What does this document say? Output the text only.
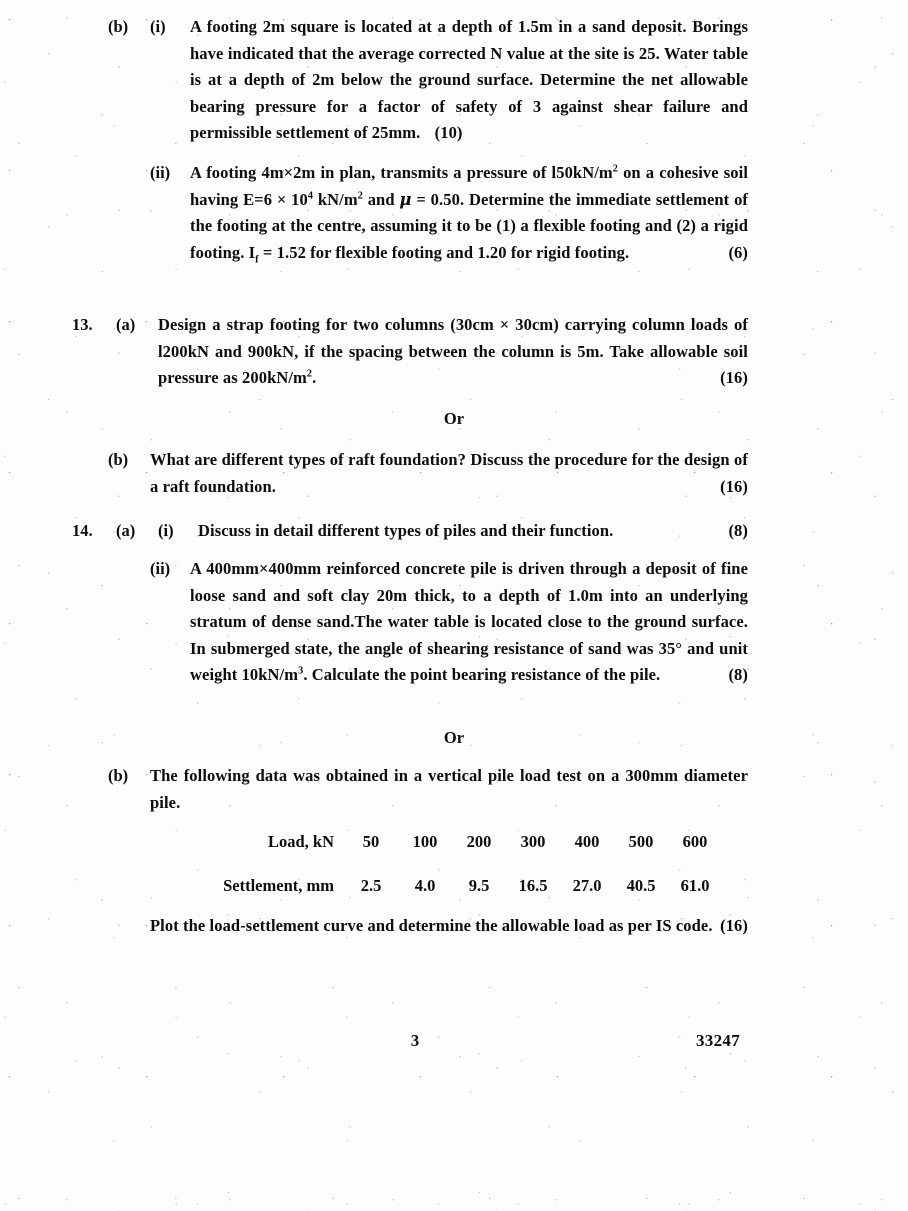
(b)	(i)	A footing 2m square is located at a depth of 1.5m in a sand deposit. Borings have indicated that the average corrected N value at the site is 25. Water table is at a depth of 2m below the ground surface. Determine the net allowable bearing pressure for a factor of safety of 3 against shear failure and permissible settlement of 25mm. (10)
(ii)	A footing 4m×2m in plan, transmits a pressure of $l50kN/m^2$ on a cohesive soil having $E=6 \times 10^4$ $kN/m^2$ and μ = 0.50. Determine the immediate settlement of the footing at the centre, assuming it to be (1) a flexible footing and (2) a rigid footing. $I_f = 1.52$ for flexible footing and 1.20 for rigid footing.	(6)
13.	(a)	Design a strap footing for two columns (30cm × 30cm) carrying column loads of l200kN and 900kN, if the spacing between the column is 5m. Take allowable soil pressure as $200kN/m^2$.	(16)
Or
(b)	What are different types of raft foundation? Discuss the procedure for the design of a raft foundation.	(16)
14.	(a)	(i)	Discuss in detail different types of piles and their function.	(8)
(ii)	A 400mm×400mm reinforced concrete pile is driven through a deposit of fine loose sand and soft clay 20m thick, to a depth of 1.0m into an underlying stratum of dense sand.The water table is located close to the ground surface. In submerged state, the angle of shearing resistance of sand was 35° and unit weight $10kN/m^3$. Calculate the point bearing resistance of the pile.	(8)
Or
(b)	The following data was obtained in a vertical pile load test on a 300mm diameter pile.
Load, kN	50	100	200	300	400	500	600
Settlement, mm	2.5	4.0	9.5	16.5	27.0	40.5	61.0
Plot the load-settlement curve and determine the allowable load as per IS code. (16)
3	33247
